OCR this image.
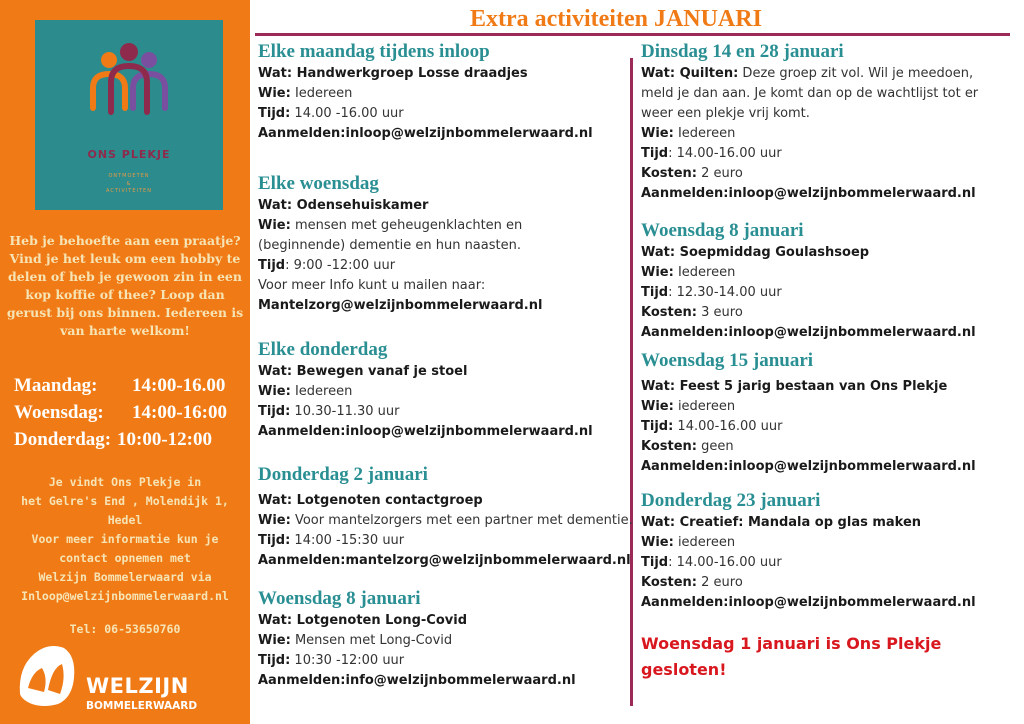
ONS PLEKJE
ONTMOETEN
&
ACTIVITEITEN
Heb je behoefte aan een praatje? Vind je het leuk om een hobby te delen of heb je gewoon zin in een kop koffie of thee? Loop dan gerust bij ons binnen. Iedereen is van harte welkom!
Maandag:	14:00-16.00
Woensdag:	14:00-16:00
Donderdag: 10:00-12:00
Je vindt Ons Plekje in
het Gelre's End , Molendijk 1,
Hedel
Voor meer informatie kun je
contact opnemen met
Welzijn Bommelerwaard via
Inloop@welzijnbommelerwaard.nl
Tel: 06-53650760
WELZIJN
BOMMELERWAARD
Extra activiteiten JANUARI
Elke maandag tijdens inloop
Wat: Handwerkgroep Losse draadjes
Wie: Iedereen
Tijd: 14.00 -16.00 uur
Aanmelden:inloop@welzijnbommelerwaard.nl
Elke woensdag
Wat: Odensehuiskamer
Wie: mensen met geheugenklachten en
(beginnende) dementie en hun naasten.
Tijd: 9:00 -12:00 uur
Voor meer Info kunt u mailen naar:
Mantelzorg@welzijnbommelerwaard.nl
Elke donderdag
Wat: Bewegen vanaf je stoel
Wie: Iedereen
Tijd: 10.30-11.30 uur
Aanmelden:inloop@welzijnbommelerwaard.nl
Donderdag 2 januari
Wat: Lotgenoten contactgroep
Wie: Voor mantelzorgers met een partner met dementie.
Tijd: 14:00 -15:30 uur
Aanmelden:mantelzorg@welzijnbommelerwaard.nl
Woensdag 8 januari
Wat: Lotgenoten Long-Covid
Wie: Mensen met Long-Covid
Tijd: 10:30 -12:00 uur
Aanmelden:info@welzijnbommelerwaard.nl
Dinsdag 14 en 28 januari
Wat: Quilten: Deze groep zit vol. Wil je meedoen,
meld je dan aan. Je komt dan op de wachtlijst tot er
weer een plekje vrij komt.
Wie: Iedereen
Tijd: 14.00-16.00 uur
Kosten: 2 euro
Aanmelden:inloop@welzijnbommelerwaard.nl
Woensdag 8 januari
Wat: Soepmiddag Goulashsoep
Wie: Iedereen
Tijd: 12.30-14.00 uur
Kosten: 3 euro
Aanmelden:inloop@welzijnbommelerwaard.nl
Woensdag 15 januari
Wat: Feest 5 jarig bestaan van Ons Plekje
Wie: iedereen
Tijd: 14.00-16.00 uur
Kosten: geen
Aanmelden:inloop@welzijnbommelerwaard.nl
Donderdag 23 januari
Wat: Creatief: Mandala op glas maken
Wie: iedereen
Tijd: 14.00-16.00 uur
Kosten: 2 euro
Aanmelden:inloop@welzijnbommelerwaard.nl
Woensdag 1 januari is Ons Plekje
gesloten!
